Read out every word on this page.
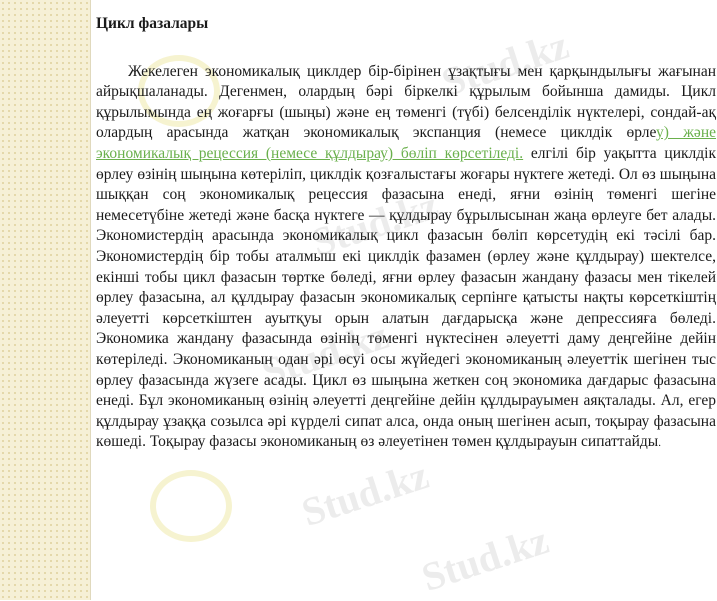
Stud.kz
Stud.kz
Stud.kz
Stud.kz
Stud.kz
Цикл фазалары

Жекелеген экономикалық циклдер бір-бірінен ұзақтығы мен қарқындылығы жағынан айрықшаланады. Дегенмен, олардың бәрі біркелкі құрылым бойынша дамиды. Цикл құрылымында ең жоғарғы (шыңы) және ең төменгі (түбі) белсенділік нүктелері, сондай-ақ олардың арасында жатқан экономикалық экспанция (немесе циклдік өрлеу) және экономикалық рецессия (немесе құлдырау) бөліп көрсетіледі. елгілі бір уақытта циклдік өрлеу өзінің шыңына көтеріліп, циклдік қозғалыстағы жоғары нүктеге жетеді. Ол өз шыңына шыққан соң экономикалық рецессия фазасына енеді, яғни өзінің төменгі шегіне немесетүбіне жетеді және басқа нүктеге — құлдырау бұрылысынан жаңа өрлеуге бет алады. Экономистердің арасында экономикалық цикл фазасын бөліп көрсетудің екі тәсілі бар. Экономистердің бір тобы аталмыш екі циклдік фазамен (өрлеу және құлдырау) шектелсе, екінші тобы цикл фазасын төртке бөледі, яғни өрлеу фазасын жандану фазасы мен тікелей өрлеу фазасына, ал құлдырау фазасын экономикалық серпінге қатысты нақты көрсеткіштің әлеуетті көрсеткіштен ауытқуы орын алатын дағдарысқа және депрессияға бөледі. Экономика жандану фазасында өзінің төменгі нүктесінен әлеуетті даму деңгейіне дейін көтеріледі. Экономиканың одан әрі өсуі осы жүйедегі экономиканың әлеуеттік шегінен тыс өрлеу фазасында жүзеге асады. Цикл өз шыңына жеткен соң экономика дағдарыс фазасына енеді. Бұл экономиканың өзінің әлеуетті деңгейіне дейін құлдырауымен аяқталады. Ал, егер құлдырау ұзаққа созылса әрі күрделі сипат алса, онда оның шегінен асып, тоқырау фазасына көшеді. Тоқырау фазасы экономиканың өз әлеуетінен төмен құлдырауын сипаттайды.
